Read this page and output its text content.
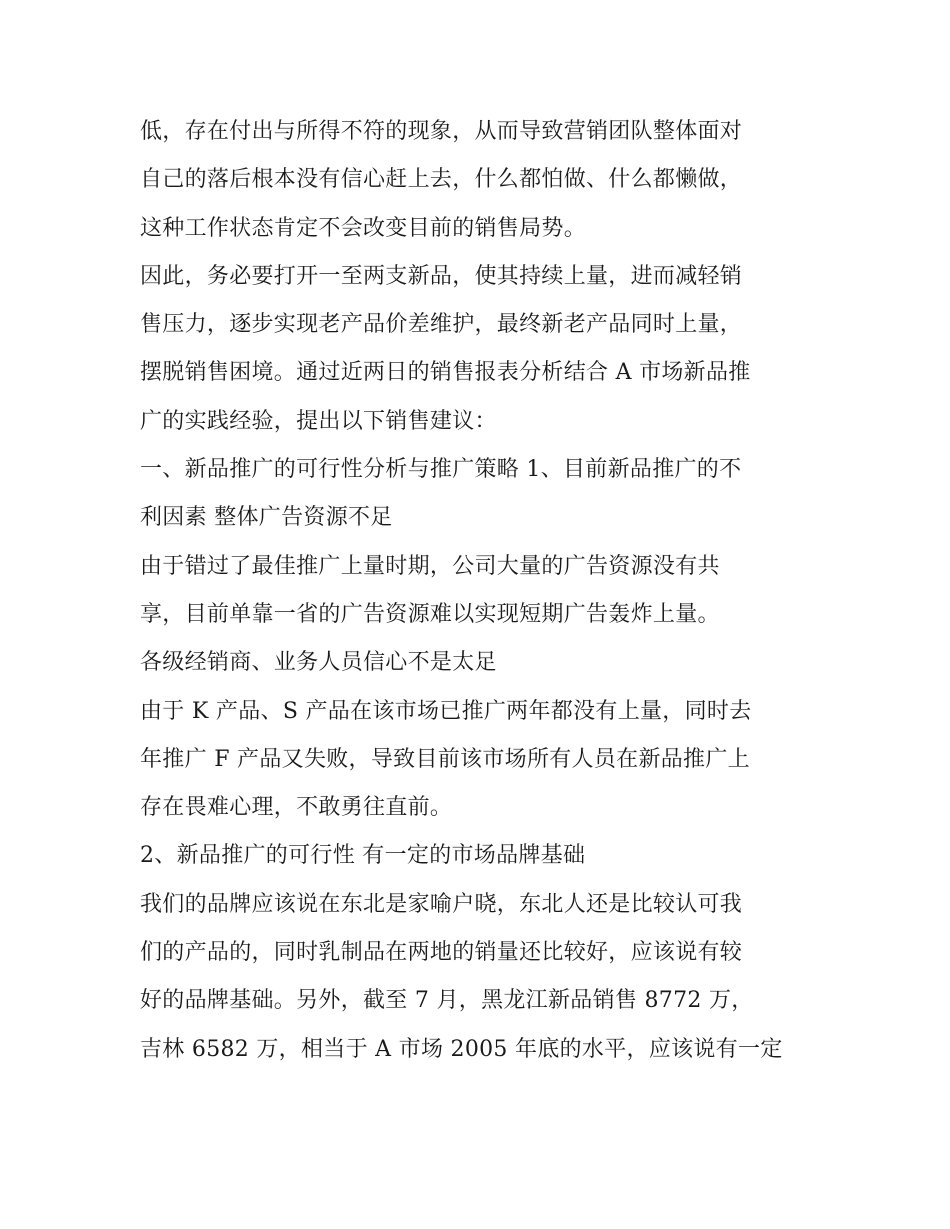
低，存在付出与所得不符的现象，从而导致营销团队整体面对
自己的落后根本没有信心赶上去，什么都怕做、什么都懒做，
这种工作状态肯定不会改变目前的销售局势。
因此，务必要打开一至两支新品，使其持续上量，进而减轻销
售压力，逐步实现老产品价差维护，最终新老产品同时上量，
摆脱销售困境。通过近两日的销售报表分析结合 A 市场新品推
广的实践经验，提出以下销售建议：
一、新品推广的可行性分析与推广策略 1、目前新品推广的不
利因素 整体广告资源不足
由于错过了最佳推广上量时期，公司大量的广告资源没有共
享，目前单靠一省的广告资源难以实现短期广告轰炸上量。
各级经销商、业务人员信心不是太足
由于 K 产品、S 产品在该市场已推广两年都没有上量，同时去
年推广 F 产品又失败，导致目前该市场所有人员在新品推广上
存在畏难心理，不敢勇往直前。
2、新品推广的可行性 有一定的市场品牌基础
我们的品牌应该说在东北是家喻户晓，东北人还是比较认可我
们的产品的，同时乳制品在两地的销量还比较好，应该说有较
好的品牌基础。另外，截至 7 月，黑龙江新品销售 8772 万，
吉林 6582 万，相当于 A 市场 2005 年底的水平，应该说有一定
